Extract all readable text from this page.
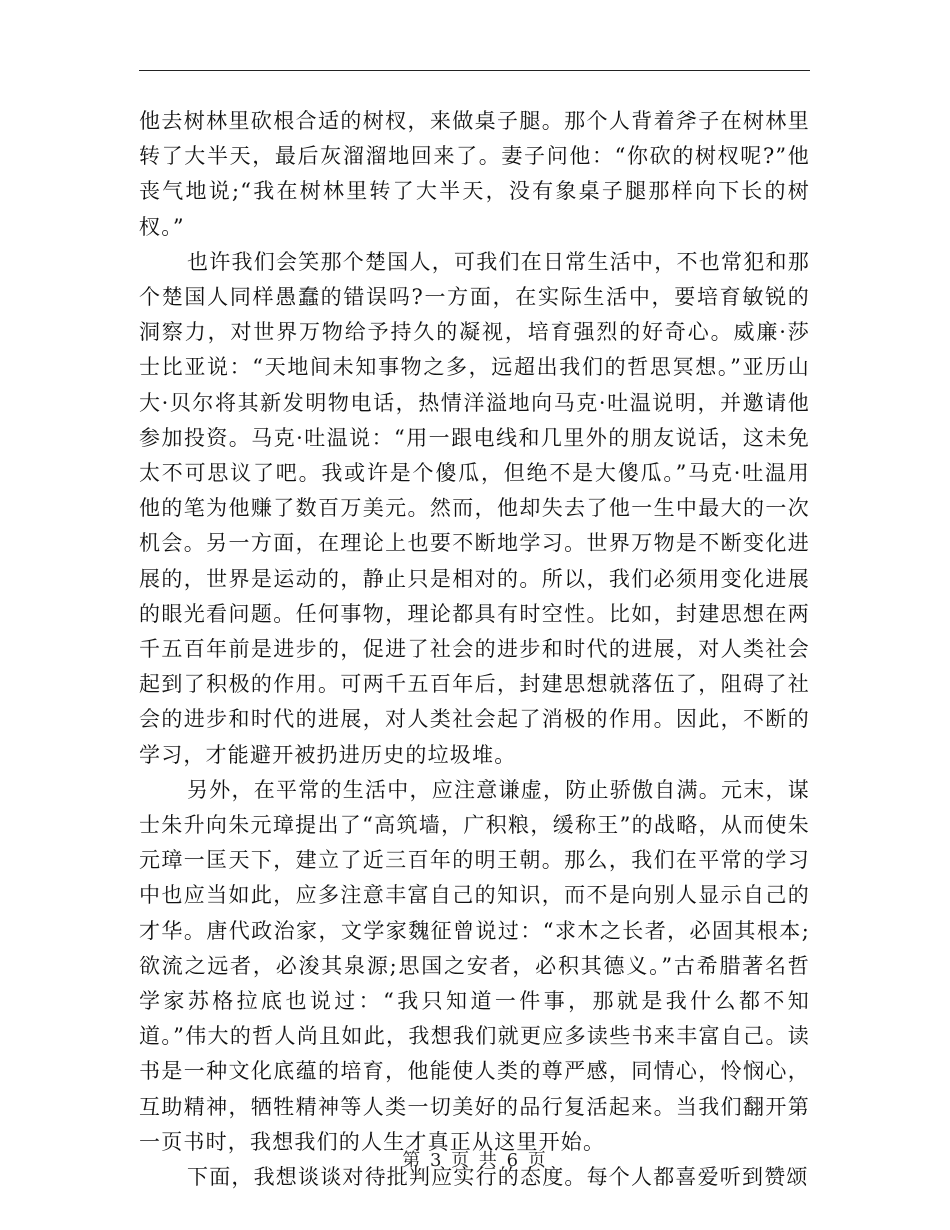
他去树林里砍根合适的树杈，来做桌子腿。那个人背着斧子在树林里转了大半天，最后灰溜溜地回来了。妻子问他：“你砍的树杈呢?”他丧气地说;“我在树林里转了大半天，没有象桌子腿那样向下长的树杈。”

也许我们会笑那个楚国人，可我们在日常生活中，不也常犯和那个楚国人同样愚蠢的错误吗?一方面，在实际生活中，要培育敏锐的洞察力，对世界万物给予持久的凝视，培育强烈的好奇心。威廉·莎士比亚说：“天地间未知事物之多，远超出我们的哲思冥想。”亚历山大·贝尔将其新发明物电话，热情洋溢地向马克·吐温说明，并邀请他参加投资。马克·吐温说：“用一跟电线和几里外的朋友说话，这未免太不可思议了吧。我或许是个傻瓜，但绝不是大傻瓜。”马克·吐温用他的笔为他赚了数百万美元。然而，他却失去了他一生中最大的一次机会。另一方面，在理论上也要不断地学习。世界万物是不断变化进展的，世界是运动的，静止只是相对的。所以，我们必须用变化进展的眼光看问题。任何事物，理论都具有时空性。比如，封建思想在两千五百年前是进步的，促进了社会的进步和时代的进展，对人类社会起到了积极的作用。可两千五百年后，封建思想就落伍了，阻碍了社会的进步和时代的进展，对人类社会起了消极的作用。因此，不断的学习，才能避开被扔进历史的垃圾堆。

另外，在平常的生活中，应注意谦虚，防止骄傲自满。元末，谋士朱升向朱元璋提出了“高筑墙，广积粮，缓称王”的战略，从而使朱元璋一匡天下，建立了近三百年的明王朝。那么，我们在平常的学习中也应当如此，应多注意丰富自己的知识，而不是向别人显示自己的才华。唐代政治家，文学家魏征曾说过：“求木之长者，必固其根本;欲流之远者，必浚其泉源;思国之安者，必积其德义。”古希腊著名哲学家苏格拉底也说过：“我只知道一件事，那就是我什么都不知道。”伟大的哲人尚且如此，我想我们就更应多读些书来丰富自己。读书是一种文化底蕴的培育，他能使人类的尊严感，同情心，怜悯心，互助精神，牺牲精神等人类一切美好的品行复活起来。当我们翻开第一页书时，我想我们的人生才真正从这里开始。

下面，我想谈谈对待批判应实行的态度。每个人都喜爱听到赞颂

第 3 页 共 6 页
